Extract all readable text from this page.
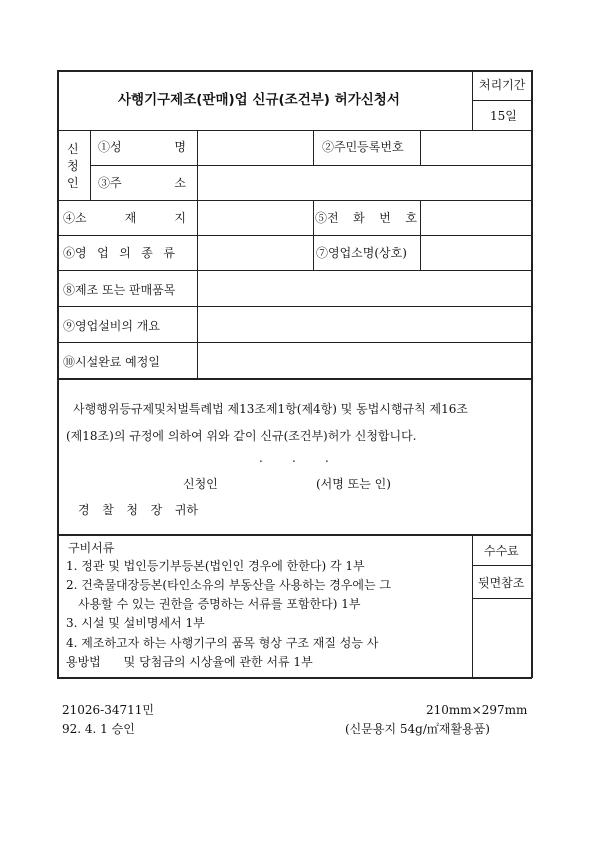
사행기구제조(판매)업 신규(조건부) 허가신청서
처리기간
15일
신
청
인
①성	명	②주민등록번호
③주	소
④소	재	지	⑤전 화 번 호
⑥영 업 의 종 류	⑦영업소명(상호)
⑧제조 또는 판매품목
⑨영업설비의 개요
⑩시설완료 예정일
사행행위등규제및처벌특례법 제13조제1항(제4항) 및 동법시행규칙 제16조
(제18조)의 규정에 의하여 위와 같이 신규(조건부)허가 신청합니다.
. . .
신청인	(서명 또는 인)
경 찰 청 장 귀하
구비서류
1. 정관 및 법인등기부등본(법인인 경우에 한한다) 각 1부
2. 건축물대장등본(타인소유의 부동산을 사용하는 경우에는 그
사용할 수 있는 권한을 증명하는 서류를 포함한다) 1부
3. 시설 및 설비명세서 1부
4. 제조하고자 하는 사행기구의 품목 형상 구조 재질 성능 사
용방법      및 당첨금의 시상율에 관한 서류 1부
수수료
뒷면참조
21026-34711민
92. 4. 1 승인
210mm×297mm
(신문용지 54g/㎡재활용품)
